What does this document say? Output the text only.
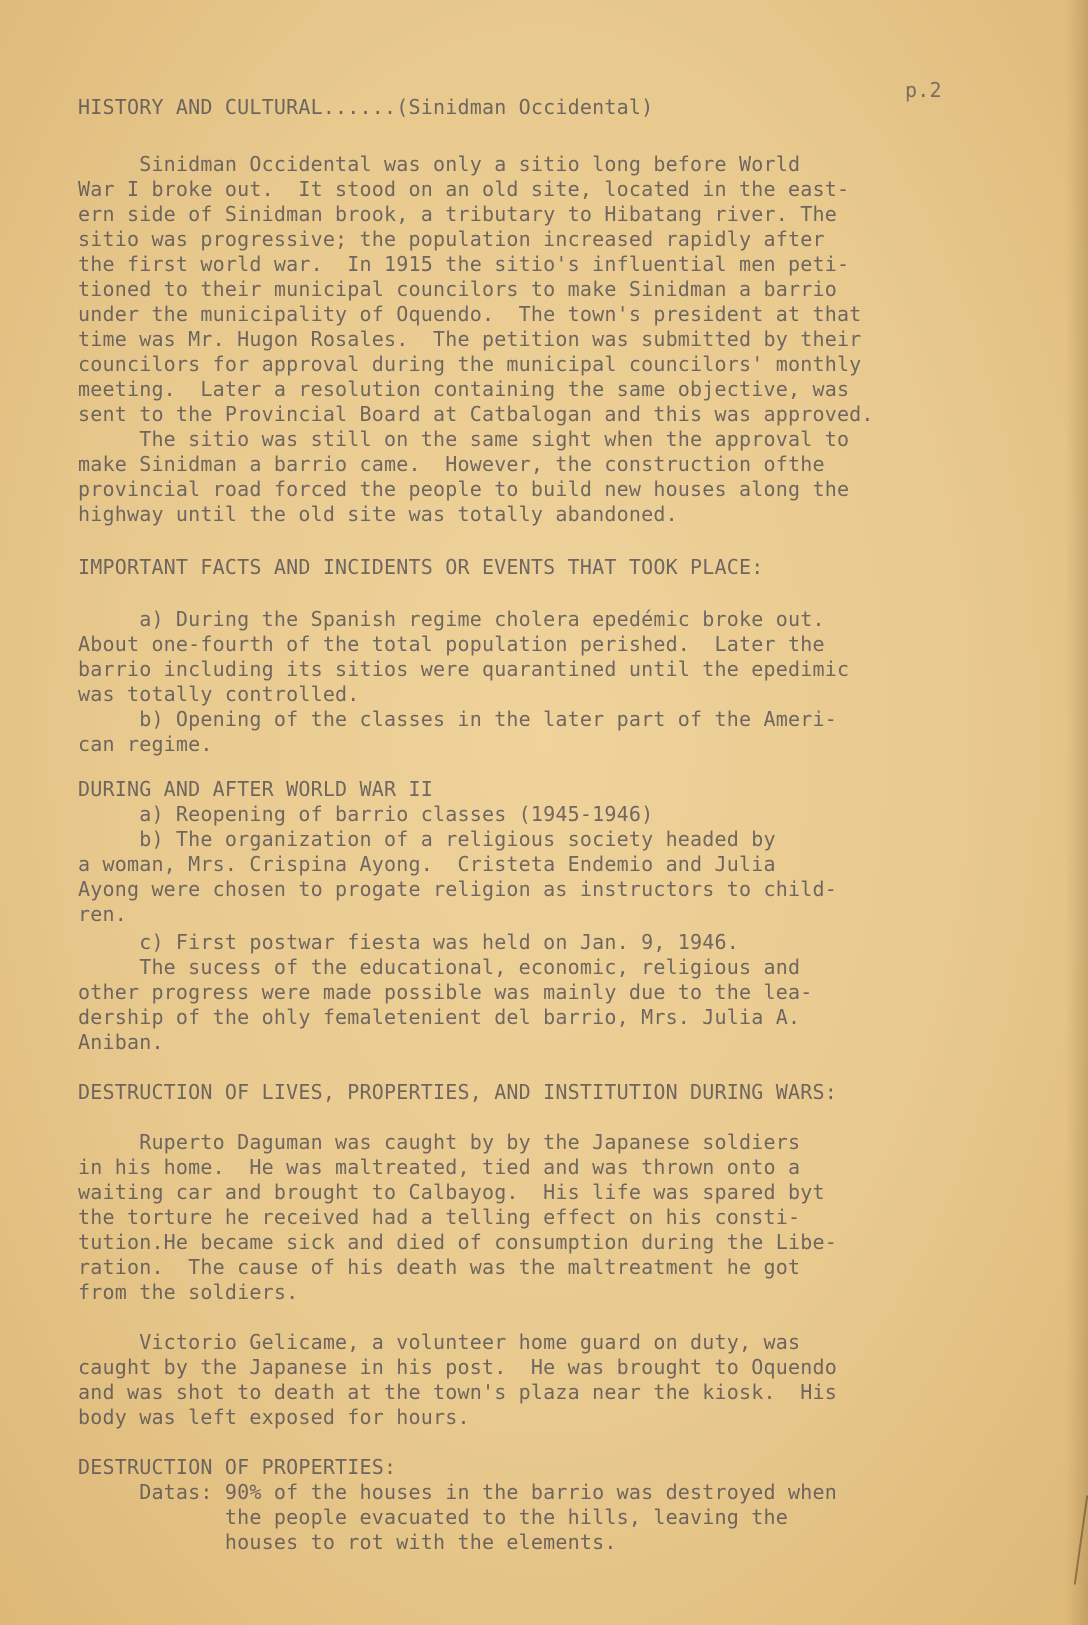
p.2
HISTORY AND CULTURAL......(Sinidman Occidental)
Sinidman Occidental was only a sitio long before World
War I broke out.  It stood on an old site, located in the east-
ern side of Sinidman brook, a tributary to Hibatang river. The
sitio was progressive; the population increased rapidly after
the first world war.  In 1915 the sitio's influential men peti-
tioned to their municipal councilors to make Sinidman a barrio
under the municipality of Oquendo.  The town's president at that
time was Mr. Hugon Rosales.  The petition was submitted by their
councilors for approval during the municipal councilors' monthly
meeting.  Later a resolution containing the same objective, was
sent to the Provincial Board at Catbalogan and this was approved.
The sitio was still on the same sight when the approval to
make Sinidman a barrio came.  However, the construction ofthe
provincial road forced the people to build new houses along the
highway until the old site was totally abandoned.
IMPORTANT FACTS AND INCIDENTS OR EVENTS THAT TOOK PLACE:
a) During the Spanish regime cholera epedémic broke out.
About one-fourth of the total population perished.  Later the
barrio including its sitios were quarantined until the epedimic
was totally controlled.
b) Opening of the classes in the later part of the Ameri-
can regime.
DURING AND AFTER WORLD WAR II
a) Reopening of barrio classes (1945-1946)
b) The organization of a religious society headed by
a woman, Mrs. Crispina Ayong.  Cristeta Endemio and Julia
Ayong were chosen to progate religion as instructors to child-
ren.
c) First postwar fiesta was held on Jan. 9, 1946.
The sucess of the educational, economic, religious and
other progress were made possible was mainly due to the lea-
dership of the ohly femaletenient del barrio, Mrs. Julia A.
Aniban.
DESTRUCTION OF LIVES, PROPERTIES, AND INSTITUTION DURING WARS:
Ruperto Daguman was caught by by the Japanese soldiers
in his home.  He was maltreated, tied and was thrown onto a
waiting car and brought to Calbayog.  His life was spared byt
the torture he received had a telling effect on his consti-
tution.He became sick and died of consumption during the Libe-
ration.  The cause of his death was the maltreatment he got
from the soldiers.
Victorio Gelicame, a volunteer home guard on duty, was
caught by the Japanese in his post.  He was brought to Oquendo
and was shot to death at the town's plaza near the kiosk.  His
body was left exposed for hours.
DESTRUCTION OF PROPERTIES:
Datas: 90% of the houses in the barrio was destroyed when
the people evacuated to the hills, leaving the
houses to rot with the elements.
